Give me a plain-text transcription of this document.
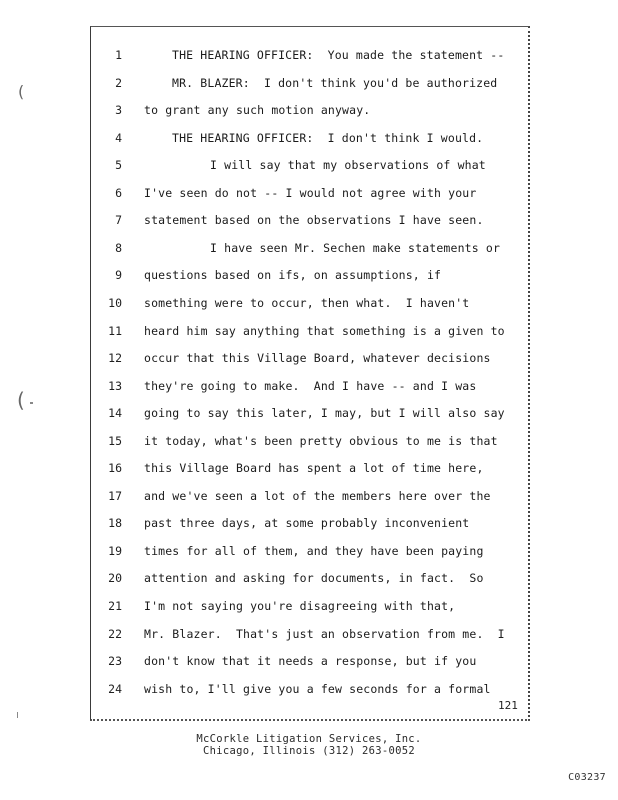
(
(
1	THE HEARING OFFICER:  You made the statement --
2	MR. BLAZER:  I don't think you'd be authorized
3 to grant any such motion anyway.
4	THE HEARING OFFICER:  I don't think I would.
5	I will say that my observations of what
6 I've seen do not -- I would not agree with your
7 statement based on the observations I have seen.
8	I have seen Mr. Sechen make statements or
9 questions based on ifs, on assumptions, if
10 something were to occur, then what.  I haven't
11 heard him say anything that something is a given to
12 occur that this Village Board, whatever decisions
13 they're going to make.  And I have -- and I was
14 going to say this later, I may, but I will also say
15 it today, what's been pretty obvious to me is that
16 this Village Board has spent a lot of time here,
17 and we've seen a lot of the members here over the
18 past three days, at some probably inconvenient
19 times for all of them, and they have been paying
20 attention and asking for documents, in fact.  So
21 I'm not saying you're disagreeing with that,
22 Mr. Blazer.  That's just an observation from me.  I
23 don't know that it needs a response, but if you
24 wish to, I'll give you a few seconds for a formal
121
McCorkle Litigation Services, Inc.
Chicago, Illinois (312) 263-0052
C03237
